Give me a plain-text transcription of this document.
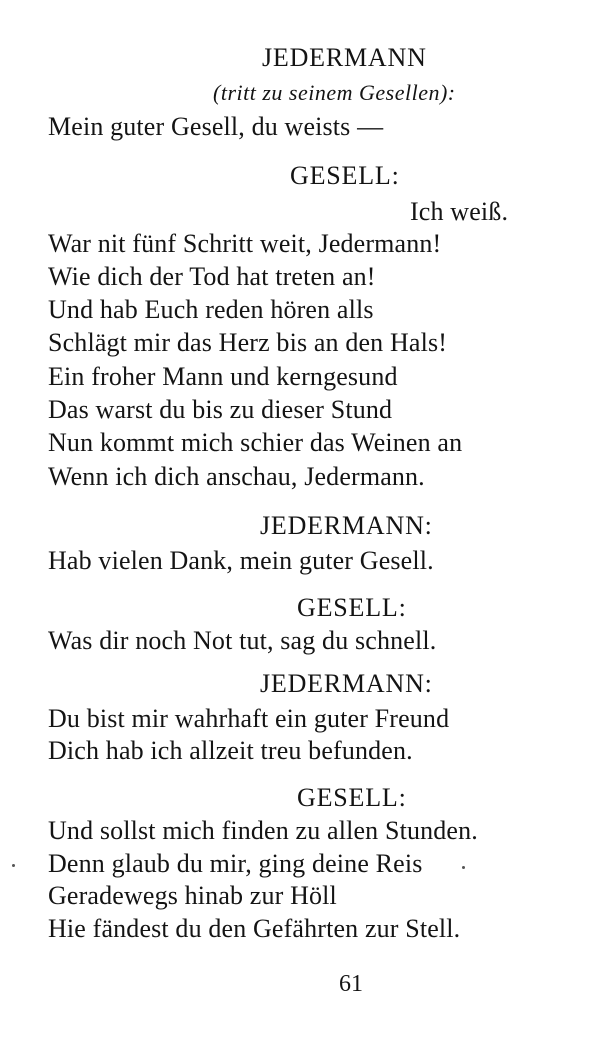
JEDERMANN
(tritt zu seinem Gesellen):
Mein guter Gesell, du weists —
GESELL:
Ich weiß.
War nit fünf Schritt weit, Jedermann!
Wie dich der Tod hat treten an!
Und hab Euch reden hören alls
Schlägt mir das Herz bis an den Hals!
Ein froher Mann und kerngesund
Das warst du bis zu dieser Stund
Nun kommt mich schier das Weinen an
Wenn ich dich anschau, Jedermann.
JEDERMANN:
Hab vielen Dank, mein guter Gesell.
GESELL:
Was dir noch Not tut, sag du schnell.
JEDERMANN:
Du bist mir wahrhaft ein guter Freund
Dich hab ich allzeit treu befunden.
GESELL:
Und sollst mich finden zu allen Stunden.
Denn glaub du mir, ging deine Reis
Geradewegs hinab zur Höll
Hie fändest du den Gefährten zur Stell.
61
